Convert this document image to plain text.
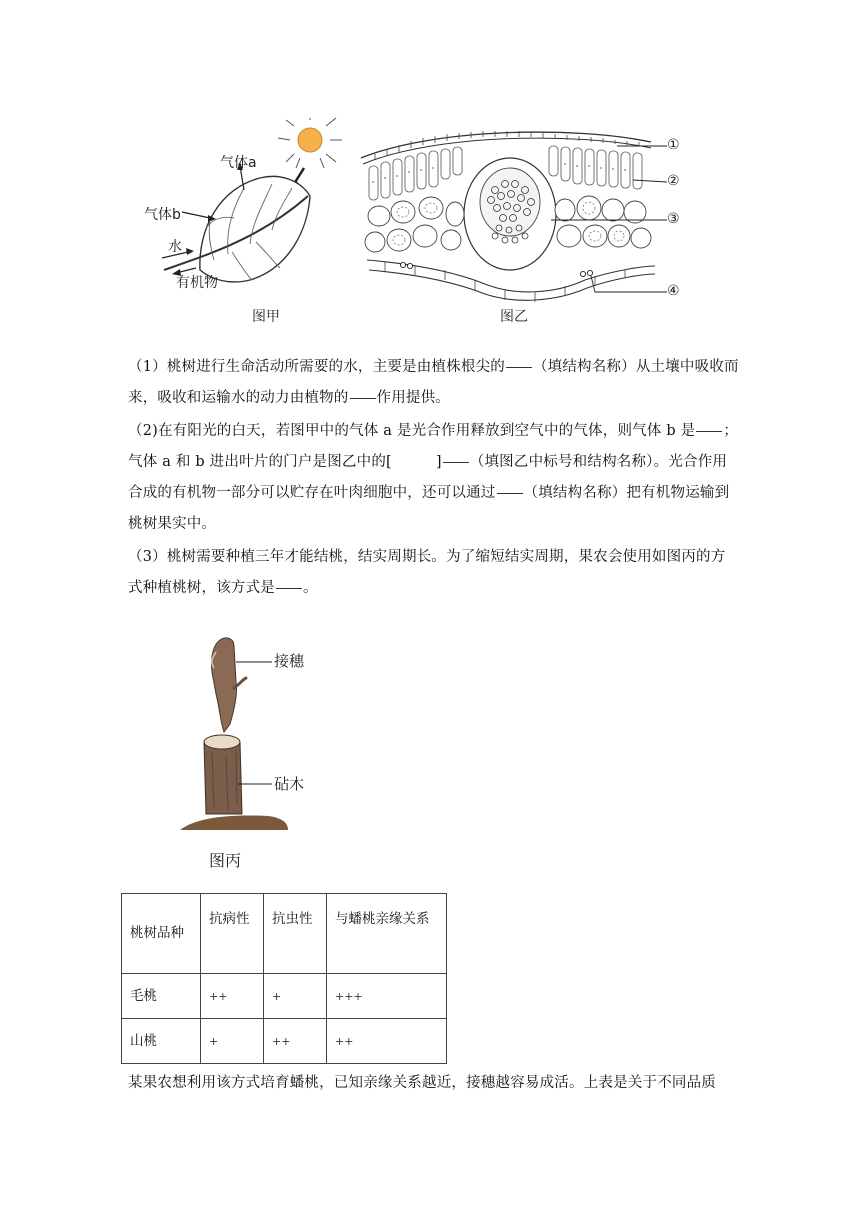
气体a
气体b
水
有机物
图甲
①
②
③
④
图乙

（1）桃树进行生命活动所需要的水，主要是由植株根尖的 （填结构名称）从土壤中吸收而来，吸收和运输水的动力由植物的 作用提供。

（2)在有阳光的白天，若图甲中的气体 a 是光合作用释放到空气中的气体，则气体 b 是 ；气体 a 和 b 进出叶片的门户是图乙中的[	] （填图乙中标号和结构名称）。光合作用合成的有机物一部分可以贮存在叶肉细胞中，还可以通过 （填结构名称）把有机物运输到桃树果实中。

（3）桃树需要种植三年才能结桃，结实周期长。为了缩短结实周期，果农会使用如图丙的方式种植桃树，该方式是 。

接穗
砧木
图丙
桃树品种	抗病性	抗虫性	与蟠桃亲缘关系
毛桃	++	+	+++
山桃	+	++	++

某果农想利用该方式培育蟠桃，已知亲缘关系越近，接穗越容易成活。上表是关于不同品质
